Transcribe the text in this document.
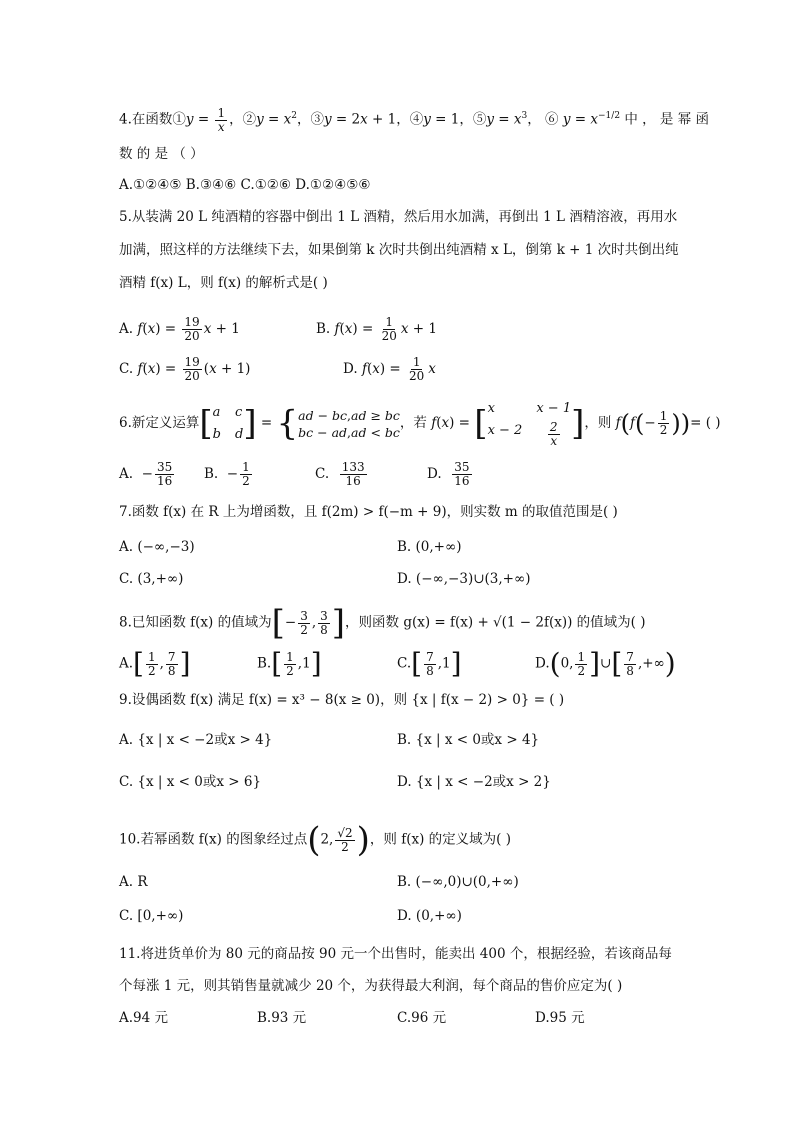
4.在函数①y = $\frac{1}{x}$ ，②y = $x^2$，③y = 2x + 1，④y = 1，⑤y = $x^3$， ⑥ $y = x^{-1/2}$ 中 ， 是 幂 函
数 的 是 （ ）
A.①②④⑤ B.③④⑥ C.①②⑥ D.①②④⑤⑥
5.从装满 20 L 纯酒精的容器中倒出 1 L 酒精，然后用水加满，再倒出 1 L 酒精溶液，再用水
加满，照这样的方法继续下去，如果倒第 k 次时共倒出纯酒精 x L，倒第 k + 1 次时共倒出纯
酒精 f(x) L，则 f(x) 的解析式是( )
A. $f(x) = \frac{19}{20}$ x + 1	B. $f(x) = \frac{1}{20}$ x + 1
C. $f(x) = \frac{19}{20} (x + 1)$	D. $f(x) = \frac{1}{20}$ x
6.新定义运算[ a c
b d ] = { ad − bc,ad ≥ bc
bc − ad,ad < bc
，若 f(x) = [ x	x − 1
$x - 2 \frac{2}{x}$ ]，则 $f(f(- \frac{1}{2}$ ))= ( )
A.  − $\frac{35}{16} B$.  − $\frac{1}{2}$	C. $\frac{133}{16}$	D. $\frac{35}{16}$
7.函数 f(x) 在 R 上为增函数，且 f(2m) > f(−m + 9)，则实数 m 的取值范围是( )
A. (−∞,−3)	B. (0,+∞)
C. (3,+∞)	D. (−∞,−3)∪(3,+∞)
8.已知函数 f(x) 的值域为[− $\frac{3}{2}$ , $\frac{3}{8}$ ]，则函数 g(x) = f(x) + √(1 − 2f(x)) 的值域为( )
$A.[ \frac{1}{2}$ , $\frac{7}{8}$ ]	$B.[ \frac{1}{2} ,1]$	$C.[ \frac{7}{8} ,1]$	D.(0, $\frac{1}{2}$ ]∪[ $\frac{7}{8}$ ,+∞)
9.设偶函数 f(x) 满足 f(x) = x³ − 8(x ≥ 0)，则 {x | f(x − 2) > 0} = ( )
A. {x | x < −2或x > 4}	B. {x | x < 0或x > 4}
C. {x | x < 0或x > 6}	D. {x | x < −2或x > 2}
10.若幂函数 f(x) 的图象经过点(2, $\frac{√2}{2}$ )，则 f(x) 的定义域为( )
A. R	B. (−∞,0)∪(0,+∞)
C. [0,+∞)	D. (0,+∞)
11.将进货单价为 80 元的商品按 90 元一个出售时，能卖出 400 个，根据经验，若该商品每
个每涨 1 元，则其销售量就减少 20 个，为获得最大利润，每个商品的售价应定为( )
A.94 元	B.93 元	C.96 元	D.95 元
